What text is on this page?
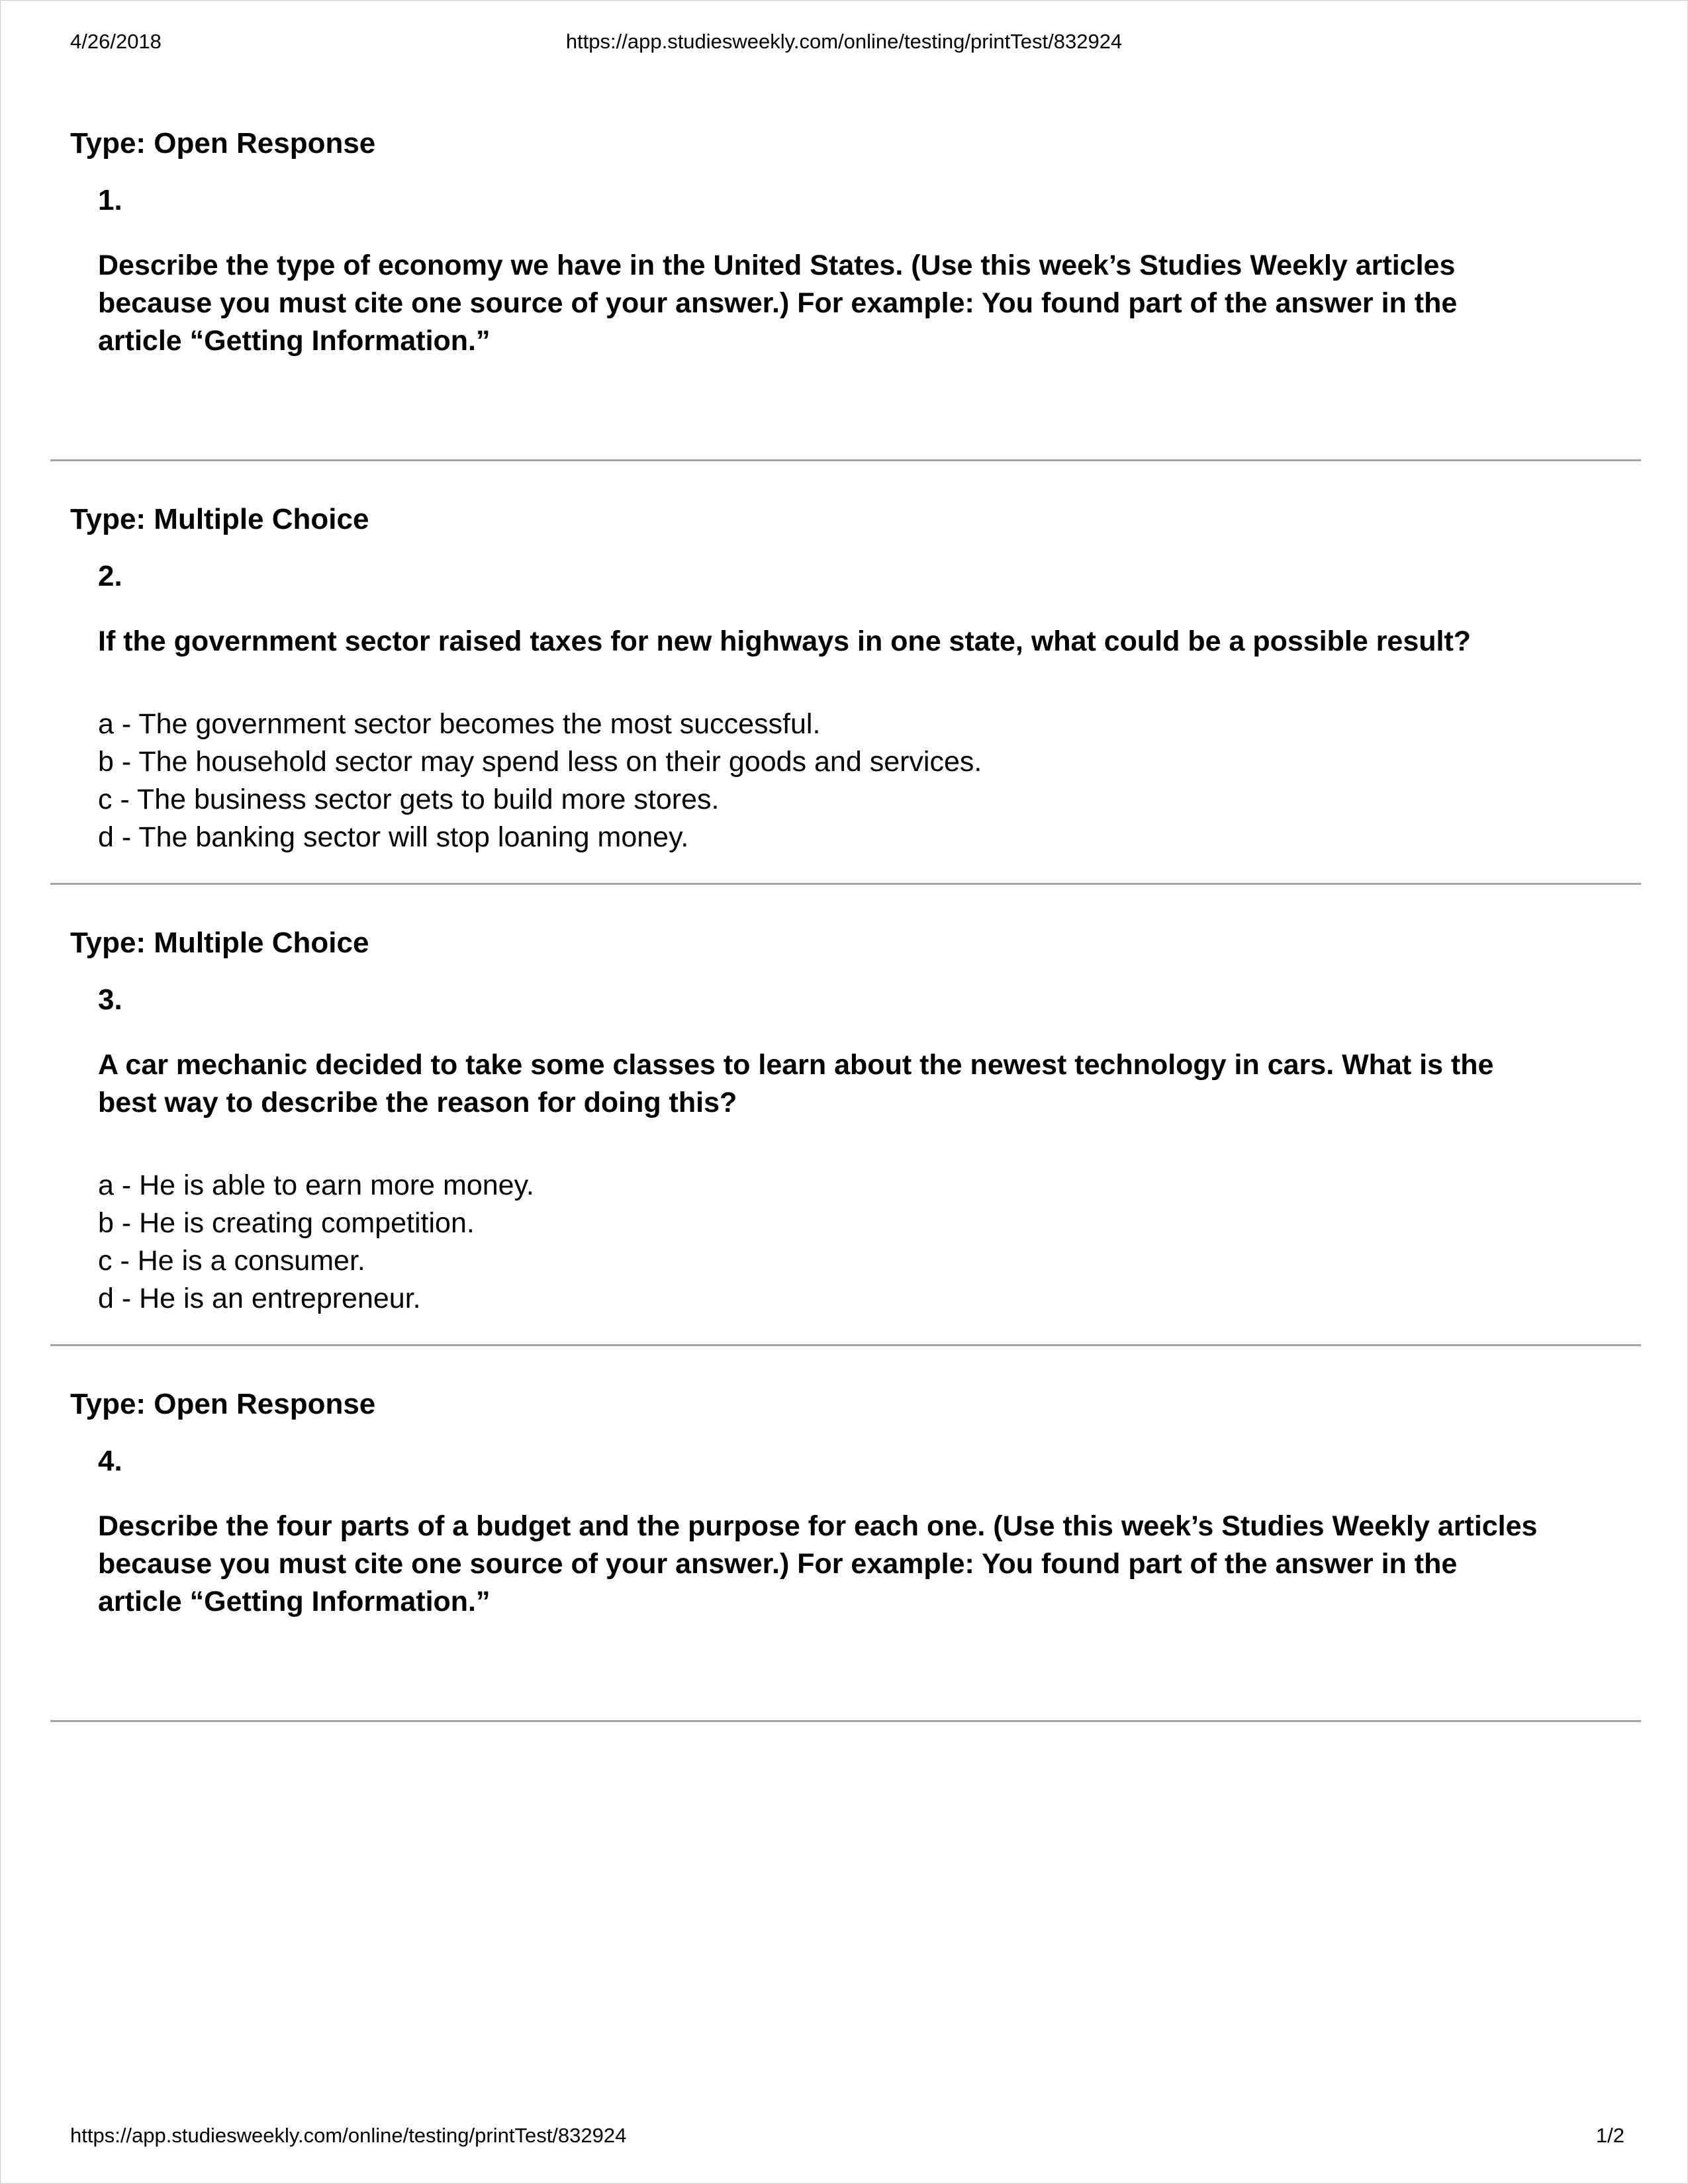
4/26/2018	https://app.studiesweekly.com/online/testing/printTest/832924

Type: Open Response

1.

Describe the type of economy we have in the United States. (Use this week’s Studies Weekly articles because you must cite one source of your answer.) For example: You found part of the answer in the article “Getting Information.”

Type: Multiple Choice

2.

If the government sector raised taxes for new highways in one state, what could be a possible result?

a - The government sector becomes the most successful.
b - The household sector may spend less on their goods and services.
c - The business sector gets to build more stores.
d - The banking sector will stop loaning money.

Type: Multiple Choice

3.

A car mechanic decided to take some classes to learn about the newest technology in cars. What is the best way to describe the reason for doing this?

a - He is able to earn more money.
b - He is creating competition.
c - He is a consumer.
d - He is an entrepreneur.

Type: Open Response

4.

Describe the four parts of a budget and the purpose for each one. (Use this week’s Studies Weekly articles because you must cite one source of your answer.) For example: You found part of the answer in the article “Getting Information.”

https://app.studiesweekly.com/online/testing/printTest/832924	1/2
